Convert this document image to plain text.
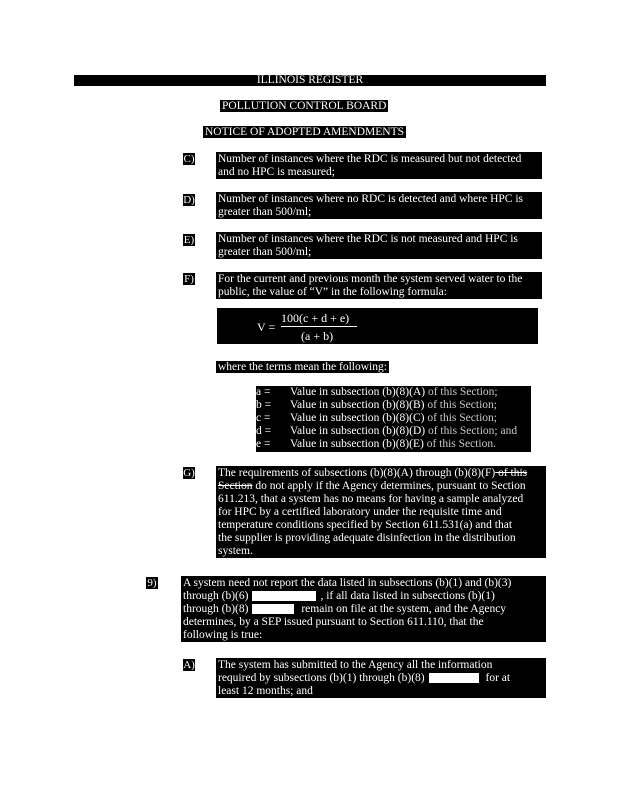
ILLINOIS REGISTER
POLLUTION CONTROL BOARD
NOTICE OF ADOPTED AMENDMENTS
C) Number of instances where the RDC is measured but not detected

and no HPC is measured;

D) Number of instances where no RDC is detected and where HPC is

greater than 500/ml;

E) Number of instances where the RDC is not measured and HPC is

greater than 500/ml;

F) For the current and previous month the system served water to the

public, the value of “V” in the following formula:

V =
100(c + d + e)
(a + b)
where the terms mean the following:
a = Value in subsection (b)(8)(A) of this Section;
b = Value in subsection (b)(8)(B) of this Section;
c = Value in subsection (b)(8)(C) of this Section;
d = Value in subsection (b)(8)(D) of this Section; and
e = Value in subsection (b)(8)(E) of this Section.
G) The requirements of subsections (b)(8)(A) through (b)(8)(F) of this

Section do not apply if the Agency determines, pursuant to Section

611.213, that a system has no means for having a sample analyzed

for HPC by a certified laboratory under the requisite time and

temperature conditions specified by Section 611.531(a) and that

the supplier is providing adequate disinfection in the distribution

system.

9) A system need not report the data listed in subsections (b)(1) and (b)(3)

through (b)(6)	, if all data listed in subsections (b)(1)

through (b)(8)	remain on file at the system, and the Agency

determines, by a SEP issued pursuant to Section 611.110, that the

following is true:

A) The system has submitted to the Agency all the information

required by subsections (b)(1) through (b)(8)	for at

least 12 months; and
